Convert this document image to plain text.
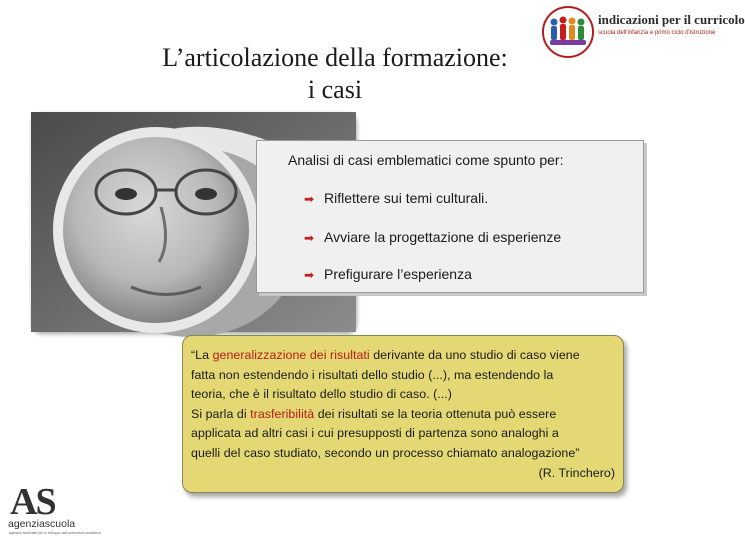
L’articolazione della formazione:
i casi
indicazioni per il curricolo
scuola dell'infanzia e primo ciclo d'istruzione
Analisi di casi emblematici come spunto per:
➡ Riflettere sui temi culturali.
➡ Avviare la progettazione di esperienze
➡ Prefigurare l’esperienza
“La generalizzazione dei risultati derivante da uno studio di caso viene
fatta non estendendo i risultati dello studio (...), ma estendendo la
teoria, che è il risultato dello studio di caso. (...)
Si parla di trasferibilità dei risultati se la teoria ottenuta può essere
applicata ad altri casi i cui presupposti di partenza sono analoghi a
quelli del caso studiato, secondo un processo chiamato analogazione”
(R. Trinchero)
AS
agenziascuola
agenzia nazionale per lo sviluppo dell'autonomia scolastica
